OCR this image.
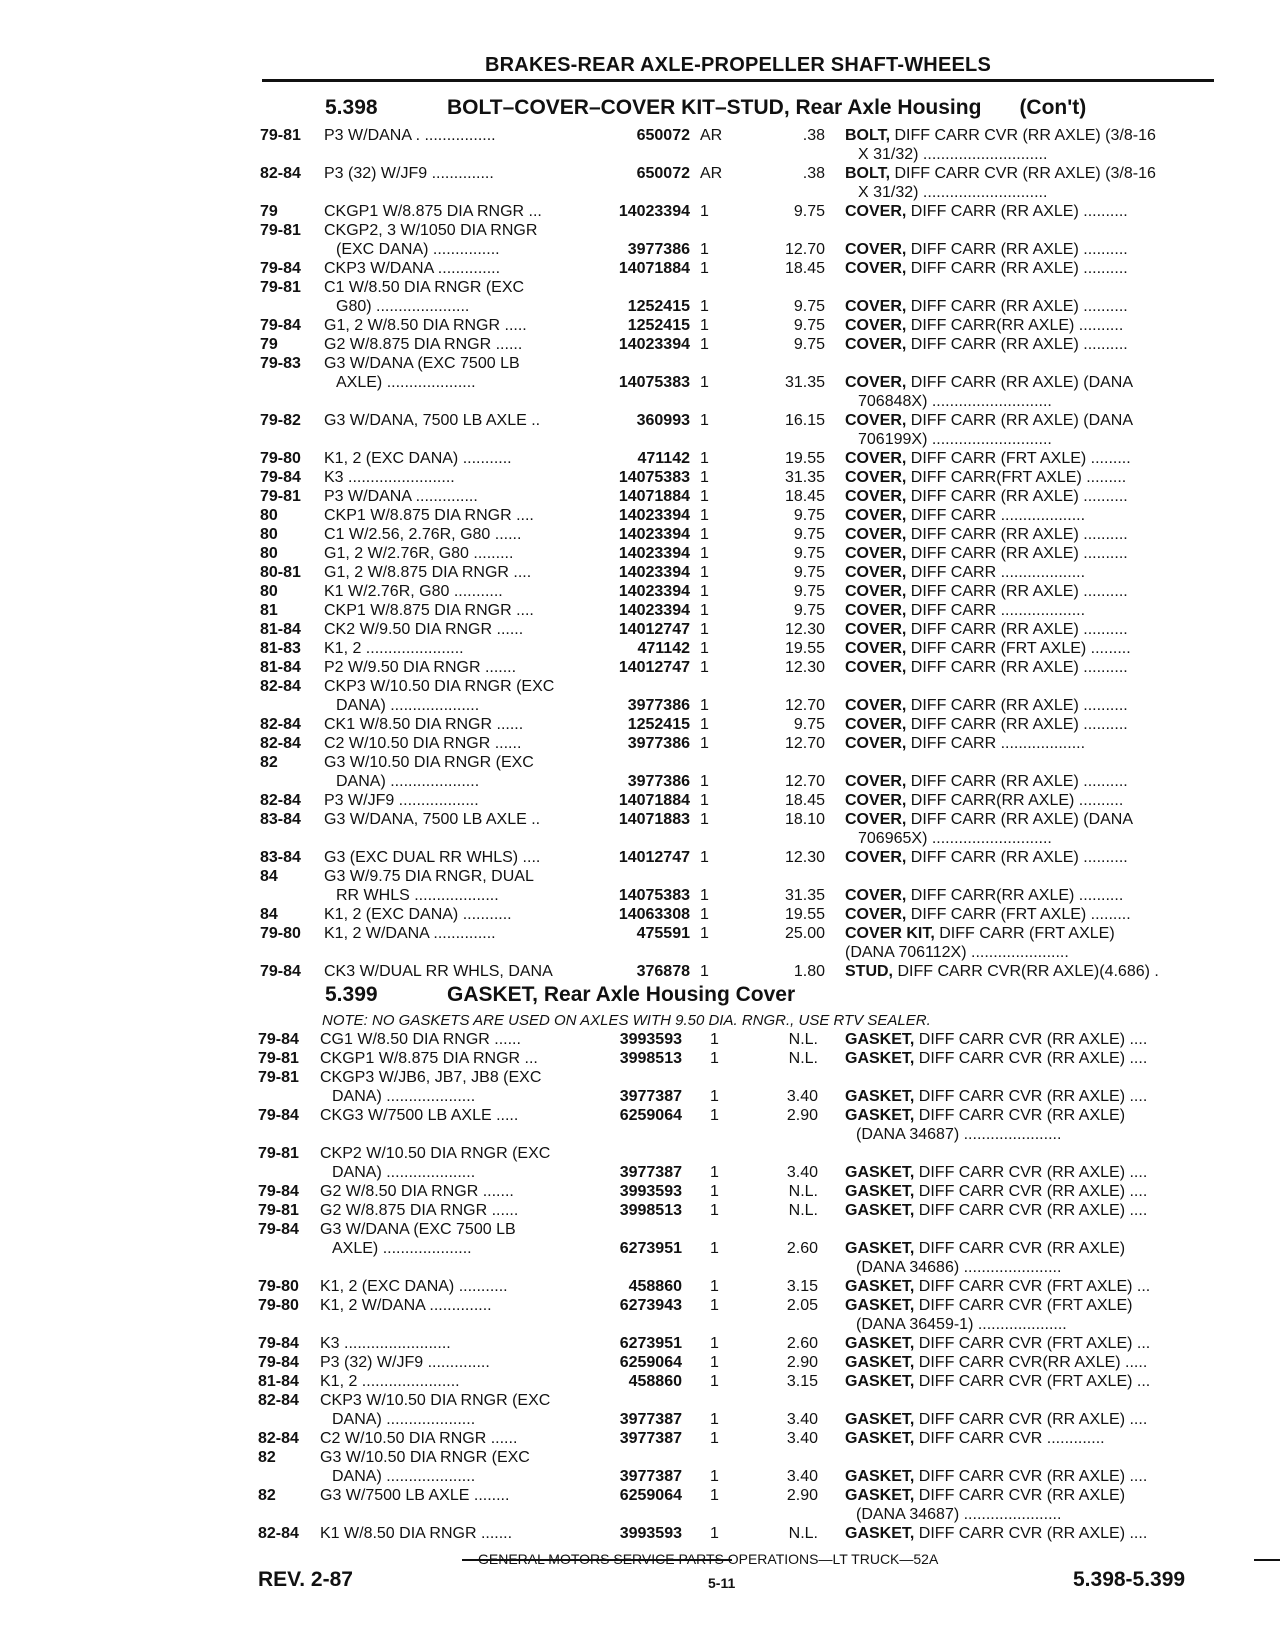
BRAKES-REAR AXLE-PROPELLER SHAFT-WHEELS
5.398	BOLT–COVER–COVER KIT–STUD, Rear Axle Housing (Con't)
79-81	P3 W/DANA . ................	650072 AR	.38 BOLT, DIFF CARR CVR (RR AXLE) (3/8-16
X 31/32) ............................
82-84	P3 (32) W/JF9 ..............	650072 AR	.38 BOLT, DIFF CARR CVR (RR AXLE) (3/8-16
X 31/32) ............................
79	CKGP1 W/8.875 DIA RNGR ...	14023394 1	9.75 COVER, DIFF CARR (RR AXLE) ..........
79-81	CKGP2, 3 W/1050 DIA RNGR
(EXC DANA) ...............	3977386 1	12.70 COVER, DIFF CARR (RR AXLE) ..........
79-84	CKP3 W/DANA ..............	14071884 1	18.45 COVER, DIFF CARR (RR AXLE) ..........
79-81	C1 W/8.50 DIA RNGR (EXC
G80) .....................	1252415 1	9.75 COVER, DIFF CARR (RR AXLE) ..........
79-84	G1, 2 W/8.50 DIA RNGR .....	1252415 1	9.75 COVER, DIFF CARR(RR AXLE) ..........
79	G2 W/8.875 DIA RNGR ......	14023394 1	9.75 COVER, DIFF CARR (RR AXLE) ..........
79-83	G3 W/DANA (EXC 7500 LB
AXLE) ....................	14075383 1	31.35 COVER, DIFF CARR (RR AXLE) (DANA
706848X) ...........................
79-82	G3 W/DANA, 7500 LB AXLE ..	360993 1	16.15 COVER, DIFF CARR (RR AXLE) (DANA
706199X) ...........................
79-80	K1, 2 (EXC DANA) ...........	471142 1	19.55 COVER, DIFF CARR (FRT AXLE) .........
79-84	K3 ........................	14075383 1	31.35 COVER, DIFF CARR(FRT AXLE) .........
79-81	P3 W/DANA ..............	14071884 1	18.45 COVER, DIFF CARR (RR AXLE) ..........
80	CKP1 W/8.875 DIA RNGR ....	14023394 1	9.75 COVER, DIFF CARR ...................
80	C1 W/2.56, 2.76R, G80 ......	14023394 1	9.75 COVER, DIFF CARR (RR AXLE) ..........
80	G1, 2 W/2.76R, G80 .........	14023394 1	9.75 COVER, DIFF CARR (RR AXLE) ..........
80-81	G1, 2 W/8.875 DIA RNGR ....	14023394 1	9.75 COVER, DIFF CARR ...................
80	K1 W/2.76R, G80 ...........	14023394 1	9.75 COVER, DIFF CARR (RR AXLE) ..........
81	CKP1 W/8.875 DIA RNGR ....	14023394 1	9.75 COVER, DIFF CARR ...................
81-84	CK2 W/9.50 DIA RNGR ......	14012747 1	12.30 COVER, DIFF CARR (RR AXLE) ..........
81-83	K1, 2 ......................	471142 1	19.55 COVER, DIFF CARR (FRT AXLE) .........
81-84	P2 W/9.50 DIA RNGR .......	14012747 1	12.30 COVER, DIFF CARR (RR AXLE) ..........
82-84	CKP3 W/10.50 DIA RNGR (EXC
DANA) ....................	3977386 1	12.70 COVER, DIFF CARR (RR AXLE) ..........
82-84	CK1 W/8.50 DIA RNGR ......	1252415 1	9.75 COVER, DIFF CARR (RR AXLE) ..........
82-84	C2 W/10.50 DIA RNGR ......	3977386 1	12.70 COVER, DIFF CARR ...................
82	G3 W/10.50 DIA RNGR (EXC
DANA) ....................	3977386 1	12.70 COVER, DIFF CARR (RR AXLE) ..........
82-84	P3 W/JF9 ..................	14071884 1	18.45 COVER, DIFF CARR(RR AXLE) ..........
83-84	G3 W/DANA, 7500 LB AXLE ..	14071883 1	18.10 COVER, DIFF CARR (RR AXLE) (DANA
706965X) ...........................
83-84	G3 (EXC DUAL RR WHLS) ....	14012747 1	12.30 COVER, DIFF CARR (RR AXLE) ..........
84	G3 W/9.75 DIA RNGR, DUAL
RR WHLS ...................	14075383 1	31.35 COVER, DIFF CARR(RR AXLE) ..........
84	K1, 2 (EXC DANA) ...........	14063308 1	19.55 COVER, DIFF CARR (FRT AXLE) .........
79-80	K1, 2 W/DANA ..............	475591 1	25.00 COVER KIT, DIFF CARR (FRT AXLE)
(DANA 706112X) ......................
79-84	CK3 W/DUAL RR WHLS, DANA	376878 1	1.80 STUD, DIFF CARR CVR(RR AXLE)(4.686) .
5.399	GASKET, Rear Axle Housing Cover
NOTE: NO GASKETS ARE USED ON AXLES WITH 9.50 DIA. RNGR., USE RTV SEALER.
79-84	CG1 W/8.50 DIA RNGR ......	3993593 1	N.L. GASKET, DIFF CARR CVR (RR AXLE) ....
79-81	CKGP1 W/8.875 DIA RNGR ...	3998513 1	N.L. GASKET, DIFF CARR CVR (RR AXLE) ....
79-81	CKGP3 W/JB6, JB7, JB8 (EXC
DANA) ....................	3977387 1	3.40 GASKET, DIFF CARR CVR (RR AXLE) ....
79-84	CKG3 W/7500 LB AXLE .....	6259064 1	2.90 GASKET, DIFF CARR CVR (RR AXLE)
(DANA 34687) ......................
79-81	CKP2 W/10.50 DIA RNGR (EXC
DANA) ....................	3977387 1	3.40 GASKET, DIFF CARR CVR (RR AXLE) ....
79-84	G2 W/8.50 DIA RNGR .......	3993593 1	N.L. GASKET, DIFF CARR CVR (RR AXLE) ....
79-81	G2 W/8.875 DIA RNGR ......	3998513 1	N.L. GASKET, DIFF CARR CVR (RR AXLE) ....
79-84	G3 W/DANA (EXC 7500 LB
AXLE) ....................	6273951 1	2.60 GASKET, DIFF CARR CVR (RR AXLE)
(DANA 34686) ......................
79-80	K1, 2 (EXC DANA) ...........	458860 1	3.15 GASKET, DIFF CARR CVR (FRT AXLE) ...
79-80	K1, 2 W/DANA ..............	6273943 1	2.05 GASKET, DIFF CARR CVR (FRT AXLE)
(DANA 36459-1) ....................
79-84	K3 ........................	6273951 1	2.60 GASKET, DIFF CARR CVR (FRT AXLE) ...
79-84	P3 (32) W/JF9 ..............	6259064 1	2.90 GASKET, DIFF CARR CVR(RR AXLE) .....
81-84	K1, 2 ......................	458860 1	3.15 GASKET, DIFF CARR CVR (FRT AXLE) ...
82-84	CKP3 W/10.50 DIA RNGR (EXC
DANA) ....................	3977387 1	3.40 GASKET, DIFF CARR CVR (RR AXLE) ....
82-84	C2 W/10.50 DIA RNGR ......	3977387 1	3.40 GASKET, DIFF CARR CVR .............
82	G3 W/10.50 DIA RNGR (EXC
DANA) ....................	3977387 1	3.40 GASKET, DIFF CARR CVR (RR AXLE) ....
82	G3 W/7500 LB AXLE ........	6259064 1	2.90 GASKET, DIFF CARR CVR (RR AXLE)
(DANA 34687) ......................
82-84	K1 W/8.50 DIA RNGR .......	3993593 1	N.L. GASKET, DIFF CARR CVR (RR AXLE) ....
GENERAL MOTORS SERVICE PARTS OPERATIONS—LT TRUCK—52A
REV. 2-87	5-11	5.398-5.399
